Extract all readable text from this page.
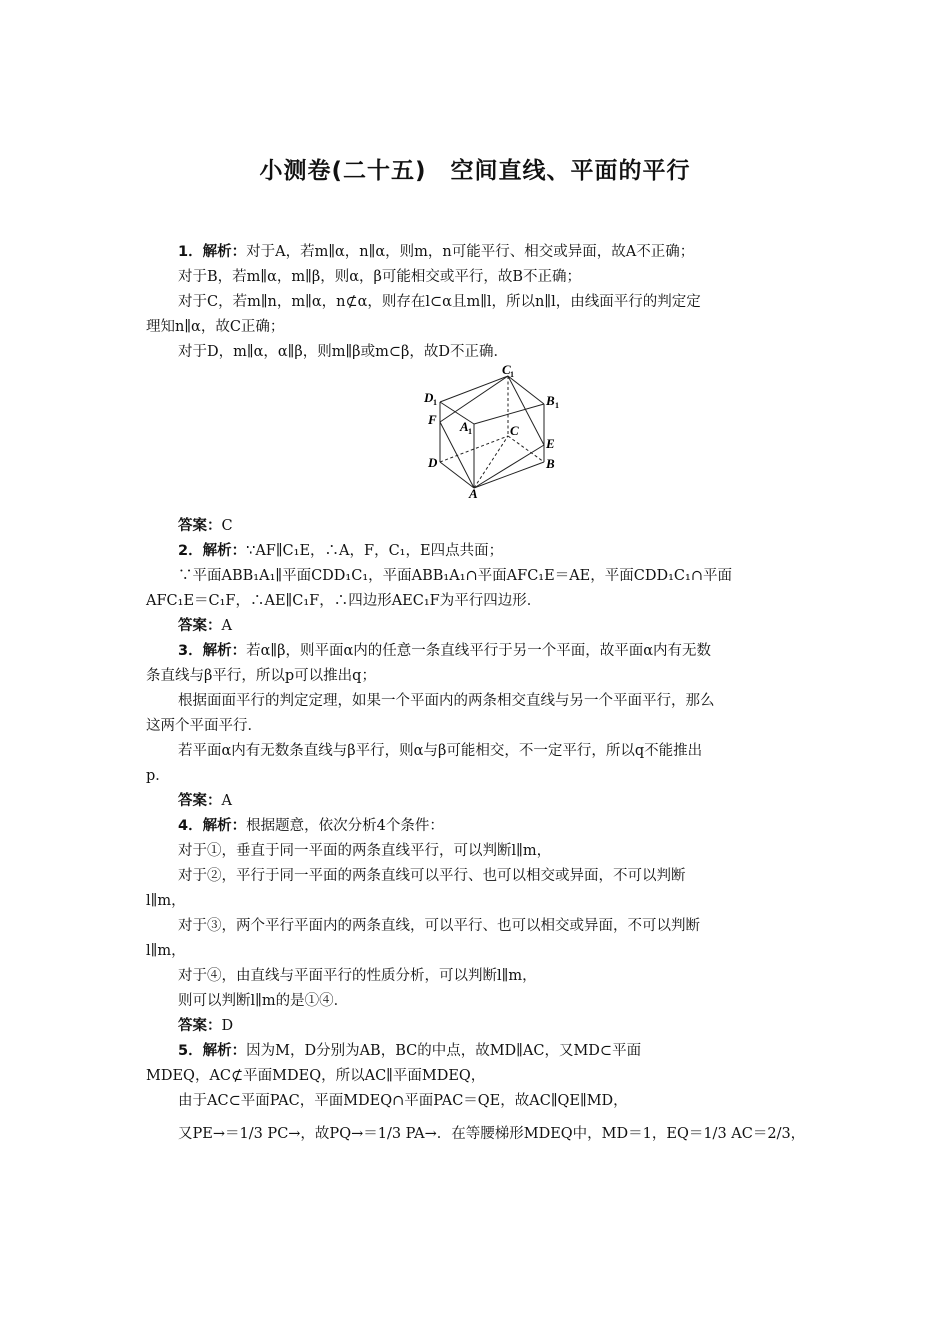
小测卷(二十五)　空间直线、平面的平行
1．解析：对于A，若m∥α，n∥α，则m，n可能平行、相交或异面，故A不正确；
对于B，若m∥α，m∥β，则α，β可能相交或平行，故B不正确；
对于C，若m∥n，m∥α，n⊄α，则存在l⊂α且m∥l，所以n∥l，由线面平行的判定定
理知n∥α，故C正确；
对于D，m∥α，α∥β，则m∥β或m⊂β，故D不正确．
C 1
D 1	B 1
A 1
F
C
E
D	B
A
答案：C
2．解析：∵AF∥C₁E，∴A，F，C₁，E四点共面；
∵平面ABB₁A₁∥平面CDD₁C₁，平面ABB₁A₁∩平面AFC₁E＝AE，平面CDD₁C₁∩平面
AFC₁E＝C₁F，∴AE∥C₁F，∴四边形AEC₁F为平行四边形．
答案：A
3．解析：若α∥β，则平面α内的任意一条直线平行于另一个平面，故平面α内有无数
条直线与β平行，所以p可以推出q；
根据面面平行的判定定理，如果一个平面内的两条相交直线与另一个平面平行，那么
这两个平面平行．
若平面α内有无数条直线与β平行，则α与β可能相交，不一定平行，所以q不能推出
p．
答案：A
4．解析：根据题意，依次分析4个条件：
对于①，垂直于同一平面的两条直线平行，可以判断l∥m，
对于②，平行于同一平面的两条直线可以平行、也可以相交或异面，不可以判断
l∥m，
对于③，两个平行平面内的两条直线，可以平行、也可以相交或异面，不可以判断
l∥m，
对于④，由直线与平面平行的性质分析，可以判断l∥m，
则可以判断l∥m的是①④．
答案：D
5．解析：因为M，D分别为AB，BC的中点，故MD∥AC，又MD⊂平面
MDEQ，AC⊄平面MDEQ，所以AC∥平面MDEQ，
由于AC⊂平面PAC，平面MDEQ∩平面PAC＝QE，故AC∥QE∥MD，
又PE→＝1/3 PC→，故PQ→＝1/3 PA→．在等腰梯形MDEQ中，MD＝1，EQ＝1/3 AC＝2/3，
